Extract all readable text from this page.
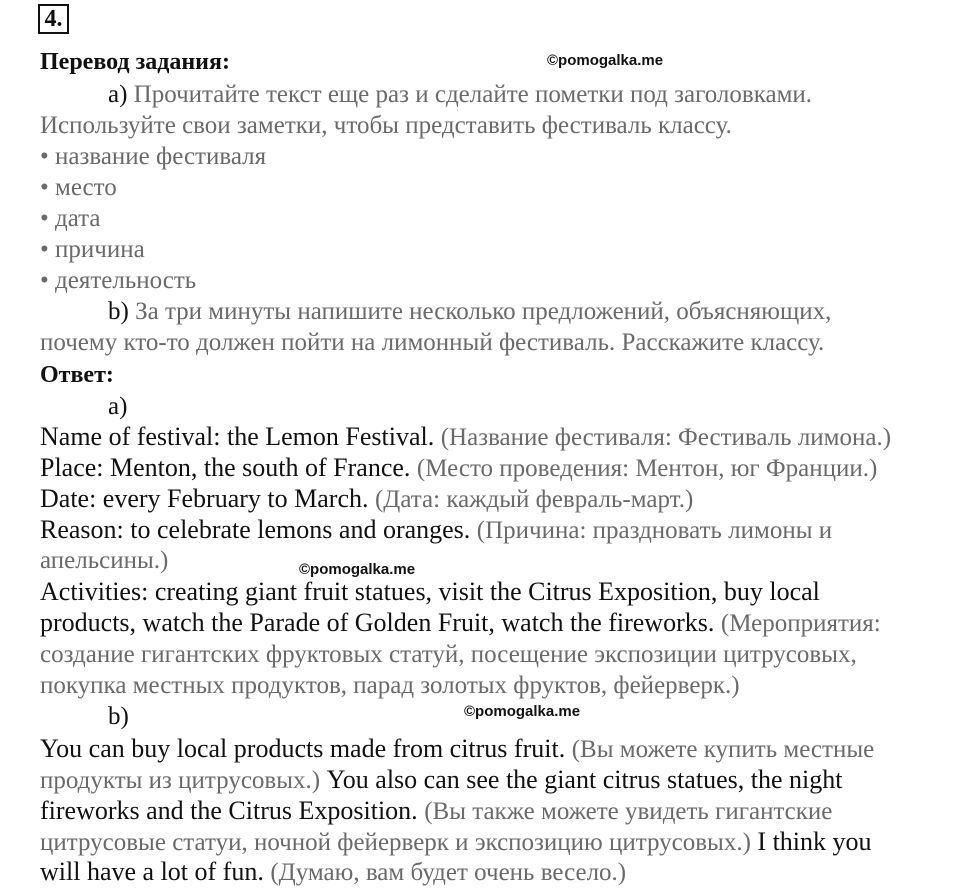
4.
©pomogalka.me
©pomogalka.me
©pomogalka.me
Перевод задания:
a) Прочитайте текст еще раз и сделайте пометки под заголовками.
Используйте свои заметки, чтобы представить фестиваль классу.
• название фестиваля
• место
• дата
• причина
• деятельность
b) За три минуты напишите несколько предложений, объясняющих,
почему кто-то должен пойти на лимонный фестиваль. Расскажите классу.
Ответ:
a)
Name of festival: the Lemon Festival. (Название фестиваля: Фестиваль лимона.)
Place: Menton, the south of France. (Место проведения: Ментон, юг Франции.)
Date: every February to March. (Дата: каждый февраль-март.)
Reason: to celebrate lemons and oranges. (Причина: праздновать лимоны и
апельсины.)
Activities: creating giant fruit statues, visit the Citrus Exposition, buy local
products, watch the Parade of Golden Fruit, watch the fireworks. (Мероприятия:
создание гигантских фруктовых статуй, посещение экспозиции цитрусовых,
покупка местных продуктов, парад золотых фруктов, фейерверк.)
b)
You can buy local products made from citrus fruit. (Вы можете купить местные
продукты из цитрусовых.) You also can see the giant citrus statues, the night
fireworks and the Citrus Exposition. (Вы также можете увидеть гигантские
цитрусовые статуи, ночной фейерверк и экспозицию цитрусовых.) I think you
will have a lot of fun. (Думаю, вам будет очень весело.)
